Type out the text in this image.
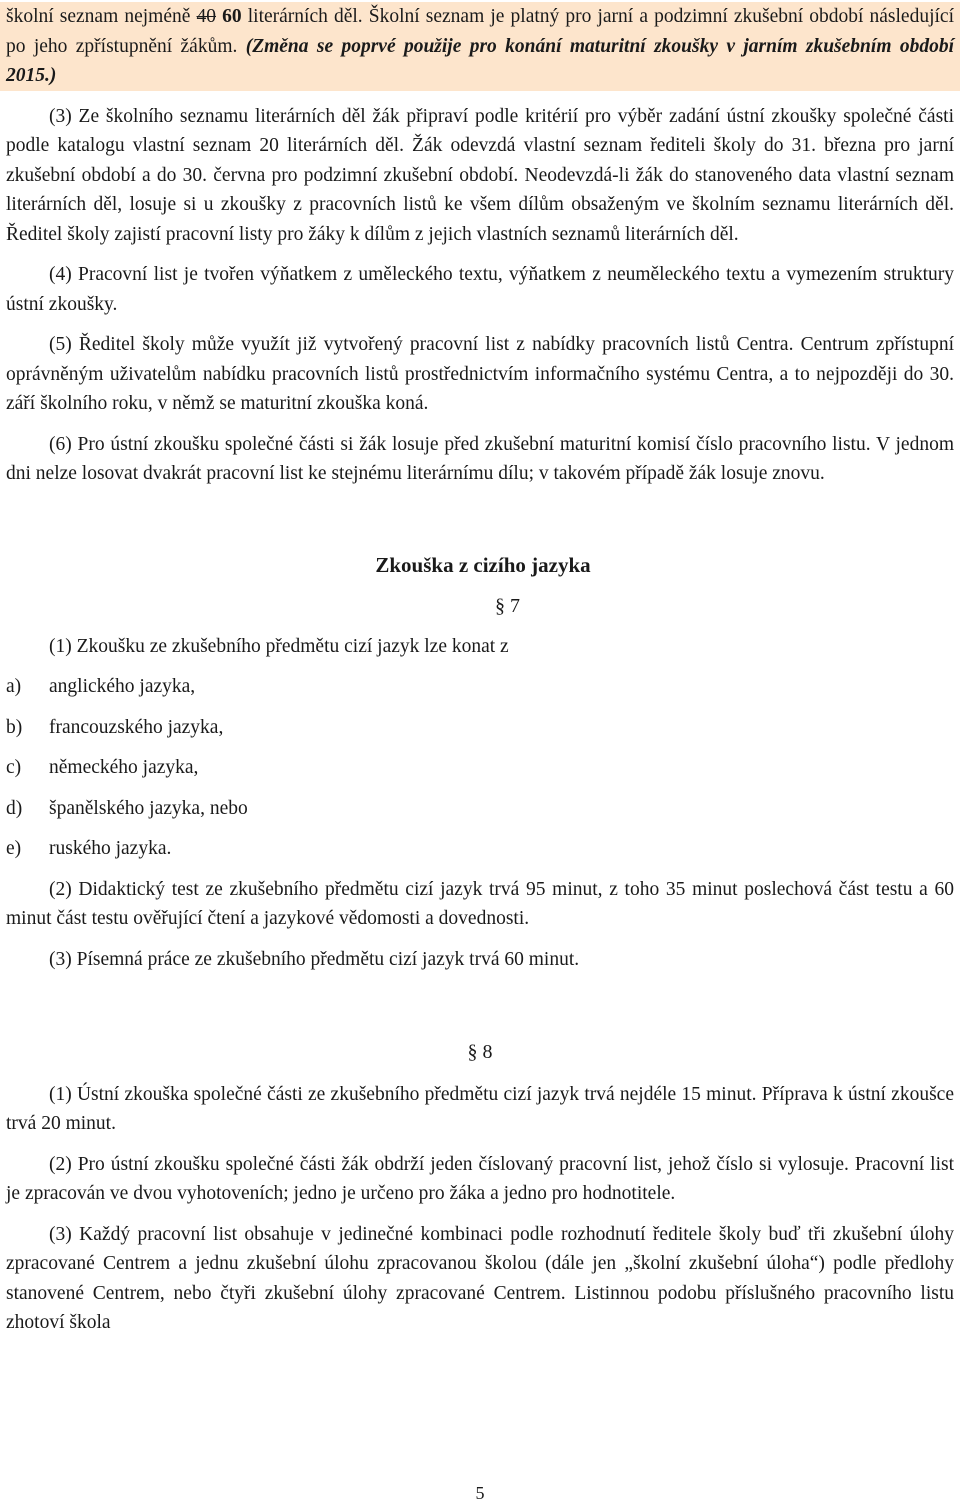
školní seznam nejméně 40 60 literárních děl. Školní seznam je platný pro jarní a podzimní zkušební období následující po jeho zpřístupnění žákům. (Změna se poprvé použije pro konání maturitní zkoušky v jarním zkušebním období 2015.)

(3) Ze školního seznamu literárních děl žák připraví podle kritérií pro výběr zadání ústní zkoušky společné části podle katalogu vlastní seznam 20 literárních děl. Žák odevzdá vlastní seznam řediteli školy do 31. března pro jarní zkušební období a do 30. června pro podzimní zkušební období. Neodevzdá-li žák do stanoveného data vlastní seznam literárních děl, losuje si u zkoušky z pracovních listů ke všem dílům obsaženým ve školním seznamu literárních děl. Ředitel školy zajistí pracovní listy pro žáky k dílům z jejich vlastních seznamů literárních děl.

(4) Pracovní list je tvořen výňatkem z uměleckého textu, výňatkem z neuměleckého textu a vymezením struktury ústní zkoušky.

(5) Ředitel školy může využít již vytvořený pracovní list z nabídky pracovních listů Centra. Centrum zpřístupní oprávněným uživatelům nabídku pracovních listů prostřednictvím informačního systému Centra, a to nejpozději do 30. září školního roku, v němž se maturitní zkouška koná.

(6) Pro ústní zkoušku společné části si žák losuje před zkušební maturitní komisí číslo pracovního listu. V jednom dni nelze losovat dvakrát pracovní list ke stejnému literárnímu dílu; v takovém případě žák losuje znovu.

Zkouška z cizího jazyka
§ 7

(1) Zkoušku ze zkušebního předmětu cizí jazyk lze konat z

a)	anglického jazyka,
b)	francouzského jazyka,
c)	německého jazyka,
d)	španělského jazyka, nebo
e)	ruského jazyka.

(2) Didaktický test ze zkušebního předmětu cizí jazyk trvá 95 minut, z toho 35 minut poslechová část testu a 60 minut část testu ověřující čtení a jazykové vědomosti a dovednosti.

(3) Písemná práce ze zkušebního předmětu cizí jazyk trvá 60 minut.

§ 8

(1) Ústní zkouška společné části ze zkušebního předmětu cizí jazyk trvá nejdéle 15 minut. Příprava k ústní zkoušce trvá 20 minut.

(2) Pro ústní zkoušku společné části žák obdrží jeden číslovaný pracovní list, jehož číslo si vylosuje. Pracovní list je zpracován ve dvou vyhotoveních; jedno je určeno pro žáka a jedno pro hodnotitele.

(3) Každý pracovní list obsahuje v jedinečné kombinaci podle rozhodnutí ředitele školy buď tři zkušební úlohy zpracované Centrem a jednu zkušební úlohu zpracovanou školou (dále jen „školní zkušební úloha“) podle předlohy stanovené Centrem, nebo čtyři zkušební úlohy zpracované Centrem. Listinnou podobu příslušného pracovního listu zhotoví škola

5
